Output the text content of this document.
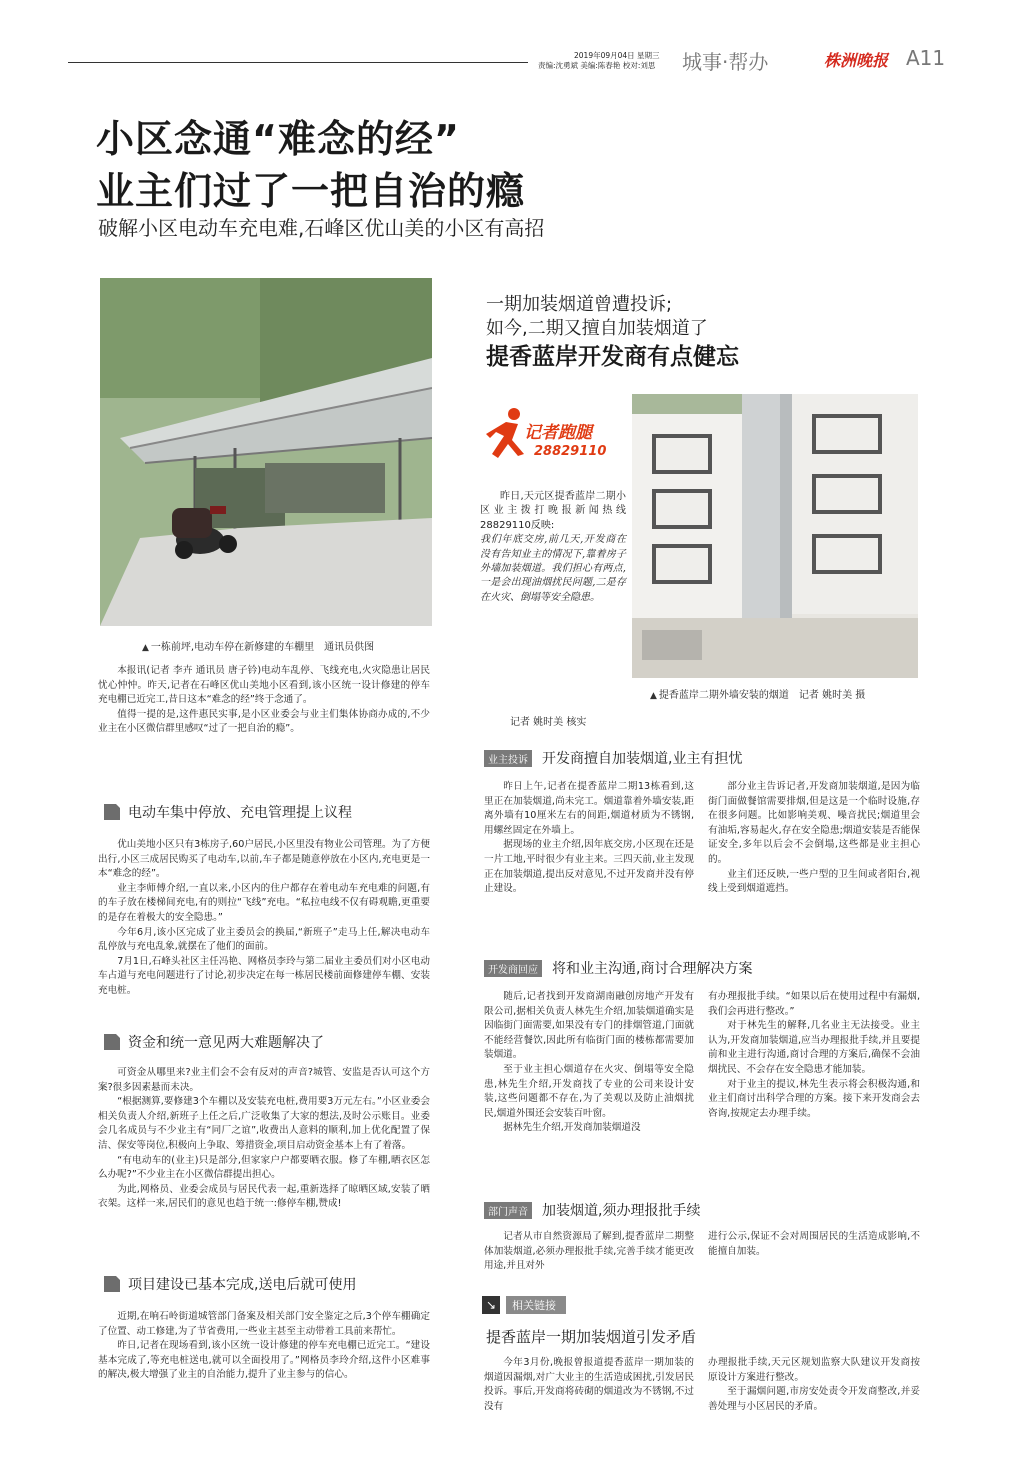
2019年09月04日 星期三
责编:沈勇斌 美编:陈春艳 校对:刘思 城事·帮办	株洲晚报 A11
小区念通“难念的经”
业主们过了一把自治的瘾
破解小区电动车充电难,石峰区优山美的小区有高招
▲ 一栋前坪,电动车停在新修建的车棚里　通讯员供图

本报讯(记者 李卉 通讯员 唐子钤)电动车乱停、飞线充电,火灾隐患让居民忧心忡忡。昨天,记者在石峰区优山美地小区看到,该小区统一设计修建的停车充电棚已近完工,昔日这本“难念的经”终于念通了。

值得一提的是,这件惠民实事,是小区业委会与业主们集体协商办成的,不少业主在小区微信群里感叹“过了一把自治的瘾”。

电动车集中停放、充电管理提上议程

优山美地小区只有3栋房子,60户居民,小区里没有物业公司管理。为了方便出行,小区三成居民购买了电动车,以前,车子都是随意停放在小区内,充电更是一本“难念的经”。

业主李师傅介绍,一直以来,小区内的住户都存在着电动车充电难的问题,有的车子放在楼梯间充电,有的则拉“飞线”充电。“私拉电线不仅有碍观瞻,更重要的是存在着极大的安全隐患。”

今年6月,该小区完成了业主委员会的换届,“新班子”走马上任,解决电动车乱停放与充电乱象,就摆在了他们的面前。

7月1日,石峰头社区主任冯艳、网格员李玲与第二届业主委员们对小区电动车占道与充电问题进行了讨论,初步决定在每一栋居民楼前面修建停车棚、安装充电桩。

资金和统一意见两大难题解决了

可资金从哪里来?业主们会不会有反对的声音?城管、安监是否认可这个方案?很多因素悬而未决。

“根据测算,要修建3个车棚以及安装充电桩,费用要3万元左右。”小区业委会相关负责人介绍,新班子上任之后,广泛收集了大家的想法,及时公示账目。业委会几名成员与不少业主有“同厂之谊”,收费出人意料的顺利,加上优化配置了保洁、保安等岗位,积极向上争取、筹措资金,项目启动资金基本上有了着落。

“有电动车的(业主)只是部分,但家家户户都要晒衣服。修了车棚,晒衣区怎么办呢?”不少业主在小区微信群提出担心。

为此,网格员、业委会成员与居民代表一起,重新选择了晾晒区域,安装了晒衣架。这样一来,居民们的意见也趋于统一:修停车棚,赞成!

项目建设已基本完成,送电后就可使用

近期,在响石岭街道城管部门备案及相关部门安全鉴定之后,3个停车棚确定了位置、动工修建,为了节省费用,一些业主甚至主动带着工具前来帮忙。

昨日,记者在现场看到,该小区统一设计修建的停车充电棚已近完工。“建设基本完成了,等充电桩送电,就可以全面投用了。”网格员李玲介绍,这件小区难事的解决,极大增强了业主的自治能力,提升了业主参与的信心。

一期加装烟道曾遭投诉;
如今,二期又擅自加装烟道了
提香蓝岸开发商有点健忘
记者跑腿
28829110

昨日,天元区提香蓝岸二期小区业主拨打晚报新闻热线28829110反映:

我们年底交房,前几天,开发商在没有告知业主的情况下,靠着房子外墙加装烟道。我们担心有两点,一是会出现油烟扰民问题,二是存在火灾、倒塌等安全隐患。
▲ 提香蓝岸二期外墙安装的烟道　记者 姚时美 摄
记者 姚时美 核实
业主投诉 开发商擅自加装烟道,业主有担忧

昨日上午,记者在提香蓝岸二期13栋看到,这里正在加装烟道,尚未完工。烟道靠着外墙安装,距离外墙有10厘米左右的间距,烟道材质为不锈钢,用螺丝固定在外墙上。

据现场的业主介绍,因年底交房,小区现在还是一片工地,平时很少有业主来。三四天前,业主发现正在加装烟道,提出反对意见,不过开发商并没有停止建设。

部分业主告诉记者,开发商加装烟道,是因为临街门面做餐馆需要排烟,但是这是一个临时设施,存在很多问题。比如影响美观、噪音扰民;烟道里会有油垢,容易起火,存在安全隐患;烟道安装是否能保证安全,多年以后会不会倒塌,这些都是业主担心的。

业主们还反映,一些户型的卫生间或者阳台,视线上受到烟道遮挡。

开发商回应 将和业主沟通,商讨合理解决方案

随后,记者找到开发商湖南融创房地产开发有限公司,据相关负责人林先生介绍,加装烟道确实是因临街门面需要,如果没有专门的排烟管道,门面就不能经营餐饮,因此所有临街门面的楼栋都需要加装烟道。

至于业主担心烟道存在火灾、倒塌等安全隐患,林先生介绍,开发商找了专业的公司来设计安装,这些问题都不存在,为了美观以及防止油烟扰民,烟道外围还会安装百叶窗。

据林先生介绍,开发商加装烟道没

有办理报批手续。“如果以后在使用过程中有漏烟,我们会再进行整改。”

对于林先生的解释,几名业主无法接受。业主认为,开发商加装烟道,应当办理报批手续,并且要提前和业主进行沟通,商讨合理的方案后,确保不会油烟扰民、不会存在安全隐患才能加装。

对于业主的提议,林先生表示将会积极沟通,和业主们商讨出科学合理的方案。接下来开发商会去咨询,按规定去办理手续。

部门声音 加装烟道,须办理报批手续

记者从市自然资源局了解到,提香蓝岸二期整体加装烟道,必须办理报批手续,完善手续才能更改用途,并且对外

进行公示,保证不会对周围居民的生活造成影响,不能擅自加装。
↘	相关链接
提香蓝岸一期加装烟道引发矛盾

今年3月份,晚报曾报道提香蓝岸一期加装的烟道因漏烟,对广大业主的生活造成困扰,引发居民投诉。事后,开发商将砖砌的烟道改为不锈钢,不过没有

办理报批手续,天元区规划监察大队建议开发商按原设计方案进行整改。

至于漏烟问题,市房安处责令开发商整改,并妥善处理与小区居民的矛盾。
